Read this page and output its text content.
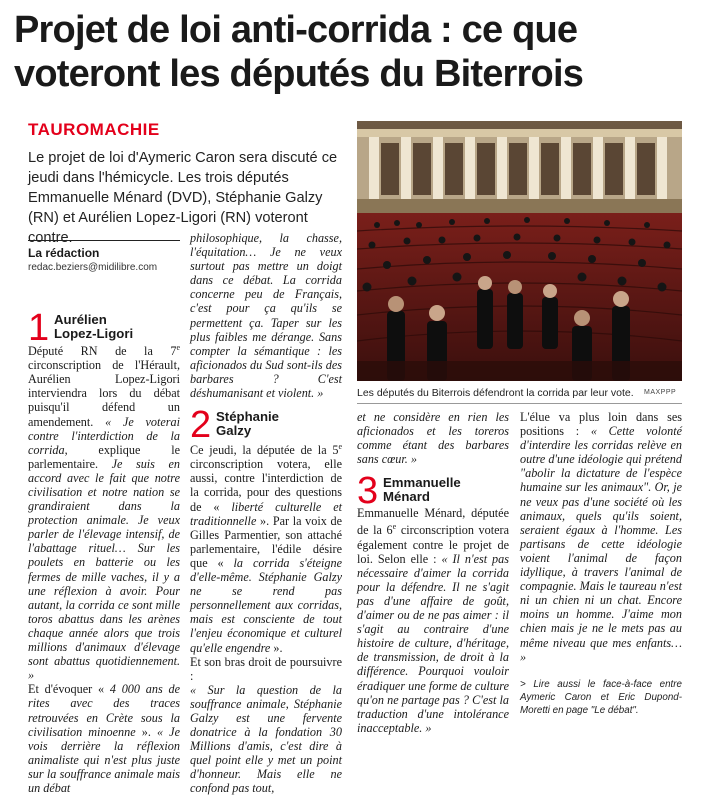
Projet de loi anti-corrida : ce que voteront les députés du Biterrois
TAUROMACHIE

Le projet de loi d'Aymeric Caron sera discuté ce jeudi dans l'hémicycle. Les trois députés Emmanuelle Ménard (DVD), Stéphanie Galzy (RN) et Aurélien Lopez-Ligori (RN) voteront contre.

La rédaction
redac.beziers@midilibre.com
Les députés du Biterrois défendront la corrida par leur vote.	MAXPPP
1 Aurélien
Lopez-Ligori

Député RN de la 7e circonscription de l'Hérault, Aurélien Lopez-Ligori interviendra lors du débat puisqu'il défend un amendement. « Je voterai contre l'interdiction de la corrida, explique le parlementaire. Je suis en accord avec le fait que notre civilisation et notre nation se grandiraient dans la protection animale. Je veux parler de l'élevage intensif, de l'abattage rituel… Sur les poulets en batterie ou les fermes de mille vaches, il y a une réflexion à avoir. Pour autant, la corrida ce sont mille toros abattus dans les arènes chaque année alors que trois millions d'animaux d'élevage sont abattus quotidiennement. »

Et d'évoquer « 4 000 ans de rites avec des traces retrouvées en Crète sous la civilisation minoenne ». « Je vois derrière la réflexion animaliste qui n'est plus juste sur la souffrance animale mais un débat

philosophique, la chasse, l'équitation… Je ne veux surtout pas mettre un doigt dans ce débat. La corrida concerne peu de Français, c'est pour ça qu'ils se permettent ça. Taper sur les plus faibles me dérange. Sans compter la sémantique : les aficionados du Sud sont-ils des barbares ? C'est déshumanisant et violent. »

2 Stéphanie
Galzy

Ce jeudi, la députée de la 5e circonscription votera, elle aussi, contre l'interdiction de la corrida, pour des questions de « liberté culturelle et traditionnelle ». Par la voix de Gilles Parmentier, son attaché parlementaire, l'édile désire que « la corrida s'éteigne d'elle-même. Stéphanie Galzy ne se rend pas personnellement aux corridas, mais est consciente de tout l'enjeu économique et culturel qu'elle engendre ».

Et son bras droit de poursuivre :

« Sur la question de la souffrance animale, Stéphanie Galzy est une fervente donatrice à la fondation 30 Millions d'amis, c'est dire à quel point elle y met un point d'honneur. Mais elle ne confond pas tout,

et ne considère en rien les aficionados et les toreros comme étant des barbares sans cœur. »

3 Emmanuelle
Ménard

Emmanuelle Ménard, députée de la 6e circonscription votera également contre le projet de loi. Selon elle : « Il n'est pas nécessaire d'aimer la corrida pour la défendre. Il ne s'agit pas d'une affaire de goût, d'aimer ou de ne pas aimer : il s'agit au contraire d'une histoire de culture, d'héritage, de transmission, de droit à la différence. Pourquoi vouloir éradiquer une forme de culture qu'on ne partage pas ? C'est la traduction d'une intolérance inacceptable. »

L'élue va plus loin dans ses positions : « Cette volonté d'interdire les corridas relève en outre d'une idéologie qui prétend "abolir la dictature de l'espèce humaine sur les animaux". Or, je ne veux pas d'une société où les animaux, quels qu'ils soient, seraient égaux à l'homme. Les partisans de cette idéologie voient l'animal de façon idyllique, à travers l'animal de compagnie. Mais le taureau n'est ni un chien ni un chat. Encore moins un homme. J'aime mon chien mais je ne le mets pas au même niveau que mes enfants… »

> Lire aussi le face-à-face entre Aymeric Caron et Eric Dupond-Moretti en page "Le débat".
